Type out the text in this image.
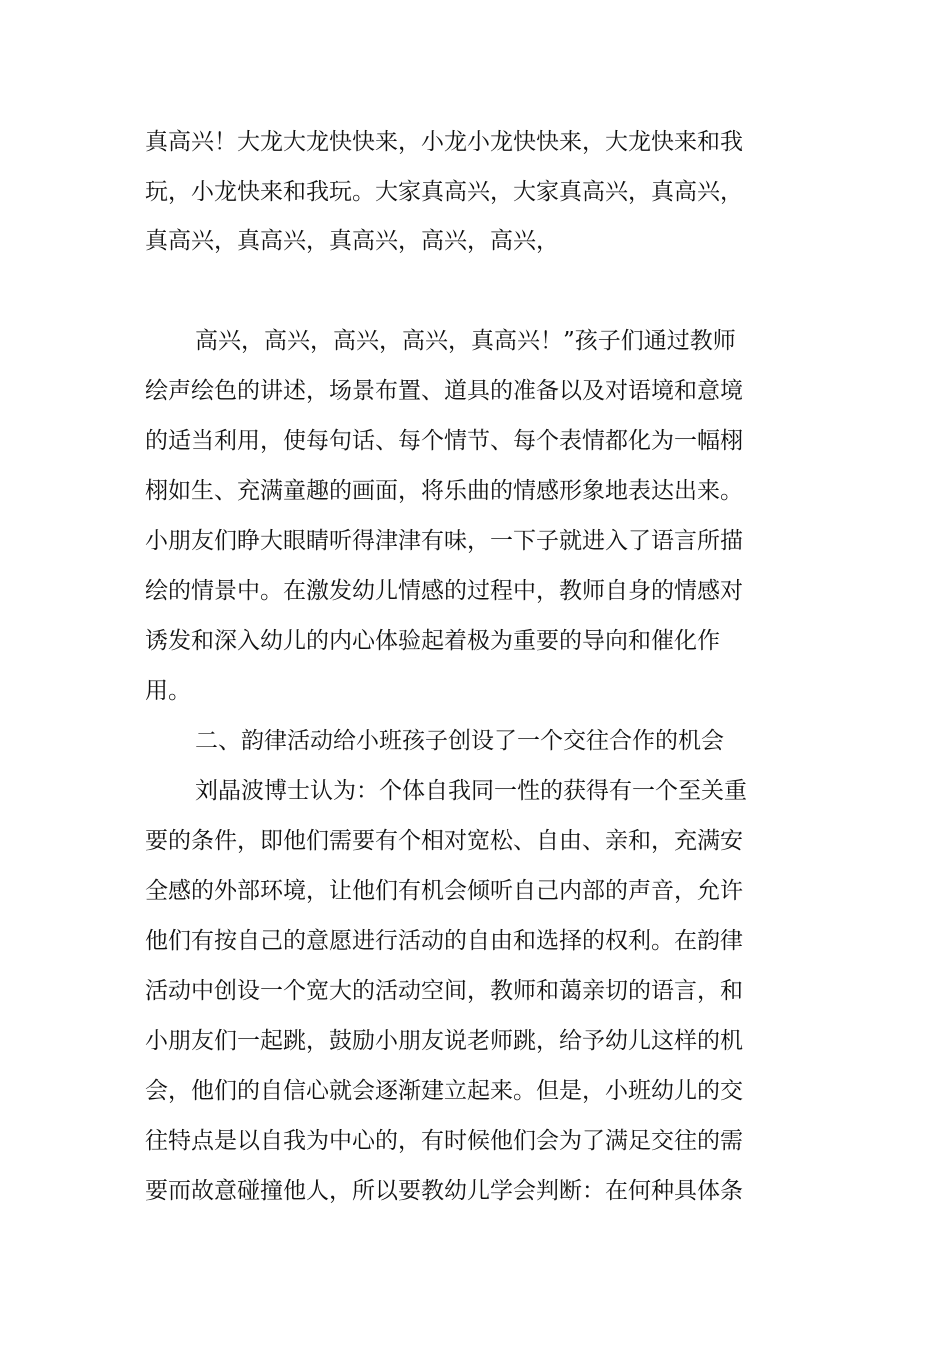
真高兴！大龙大龙快快来，小龙小龙快快来，大龙快来和我
玩，小龙快来和我玩。大家真高兴，大家真高兴，真高兴，
真高兴，真高兴，真高兴，高兴，高兴，
高兴，高兴，高兴，高兴，真高兴！”孩子们通过教师
绘声绘色的讲述，场景布置、道具的准备以及对语境和意境
的适当利用，使每句话、每个情节、每个表情都化为一幅栩
栩如生、充满童趣的画面，将乐曲的情感形象地表达出来。
小朋友们睁大眼睛听得津津有味，一下子就进入了语言所描
绘的情景中。在激发幼儿情感的过程中，教师自身的情感对
诱发和深入幼儿的内心体验起着极为重要的导向和催化作
用。
二、韵律活动给小班孩子创设了一个交往合作的机会
刘晶波博士认为：个体自我同一性的获得有一个至关重
要的条件，即他们需要有个相对宽松、自由、亲和，充满安
全感的外部环境，让他们有机会倾听自己内部的声音，允许
他们有按自己的意愿进行活动的自由和选择的权利。在韵律
活动中创设一个宽大的活动空间，教师和蔼亲切的语言，和
小朋友们一起跳，鼓励小朋友说老师跳，给予幼儿这样的机
会，他们的自信心就会逐渐建立起来。但是，小班幼儿的交
往特点是以自我为中心的，有时候他们会为了满足交往的需
要而故意碰撞他人，所以要教幼儿学会判断：在何种具体条
